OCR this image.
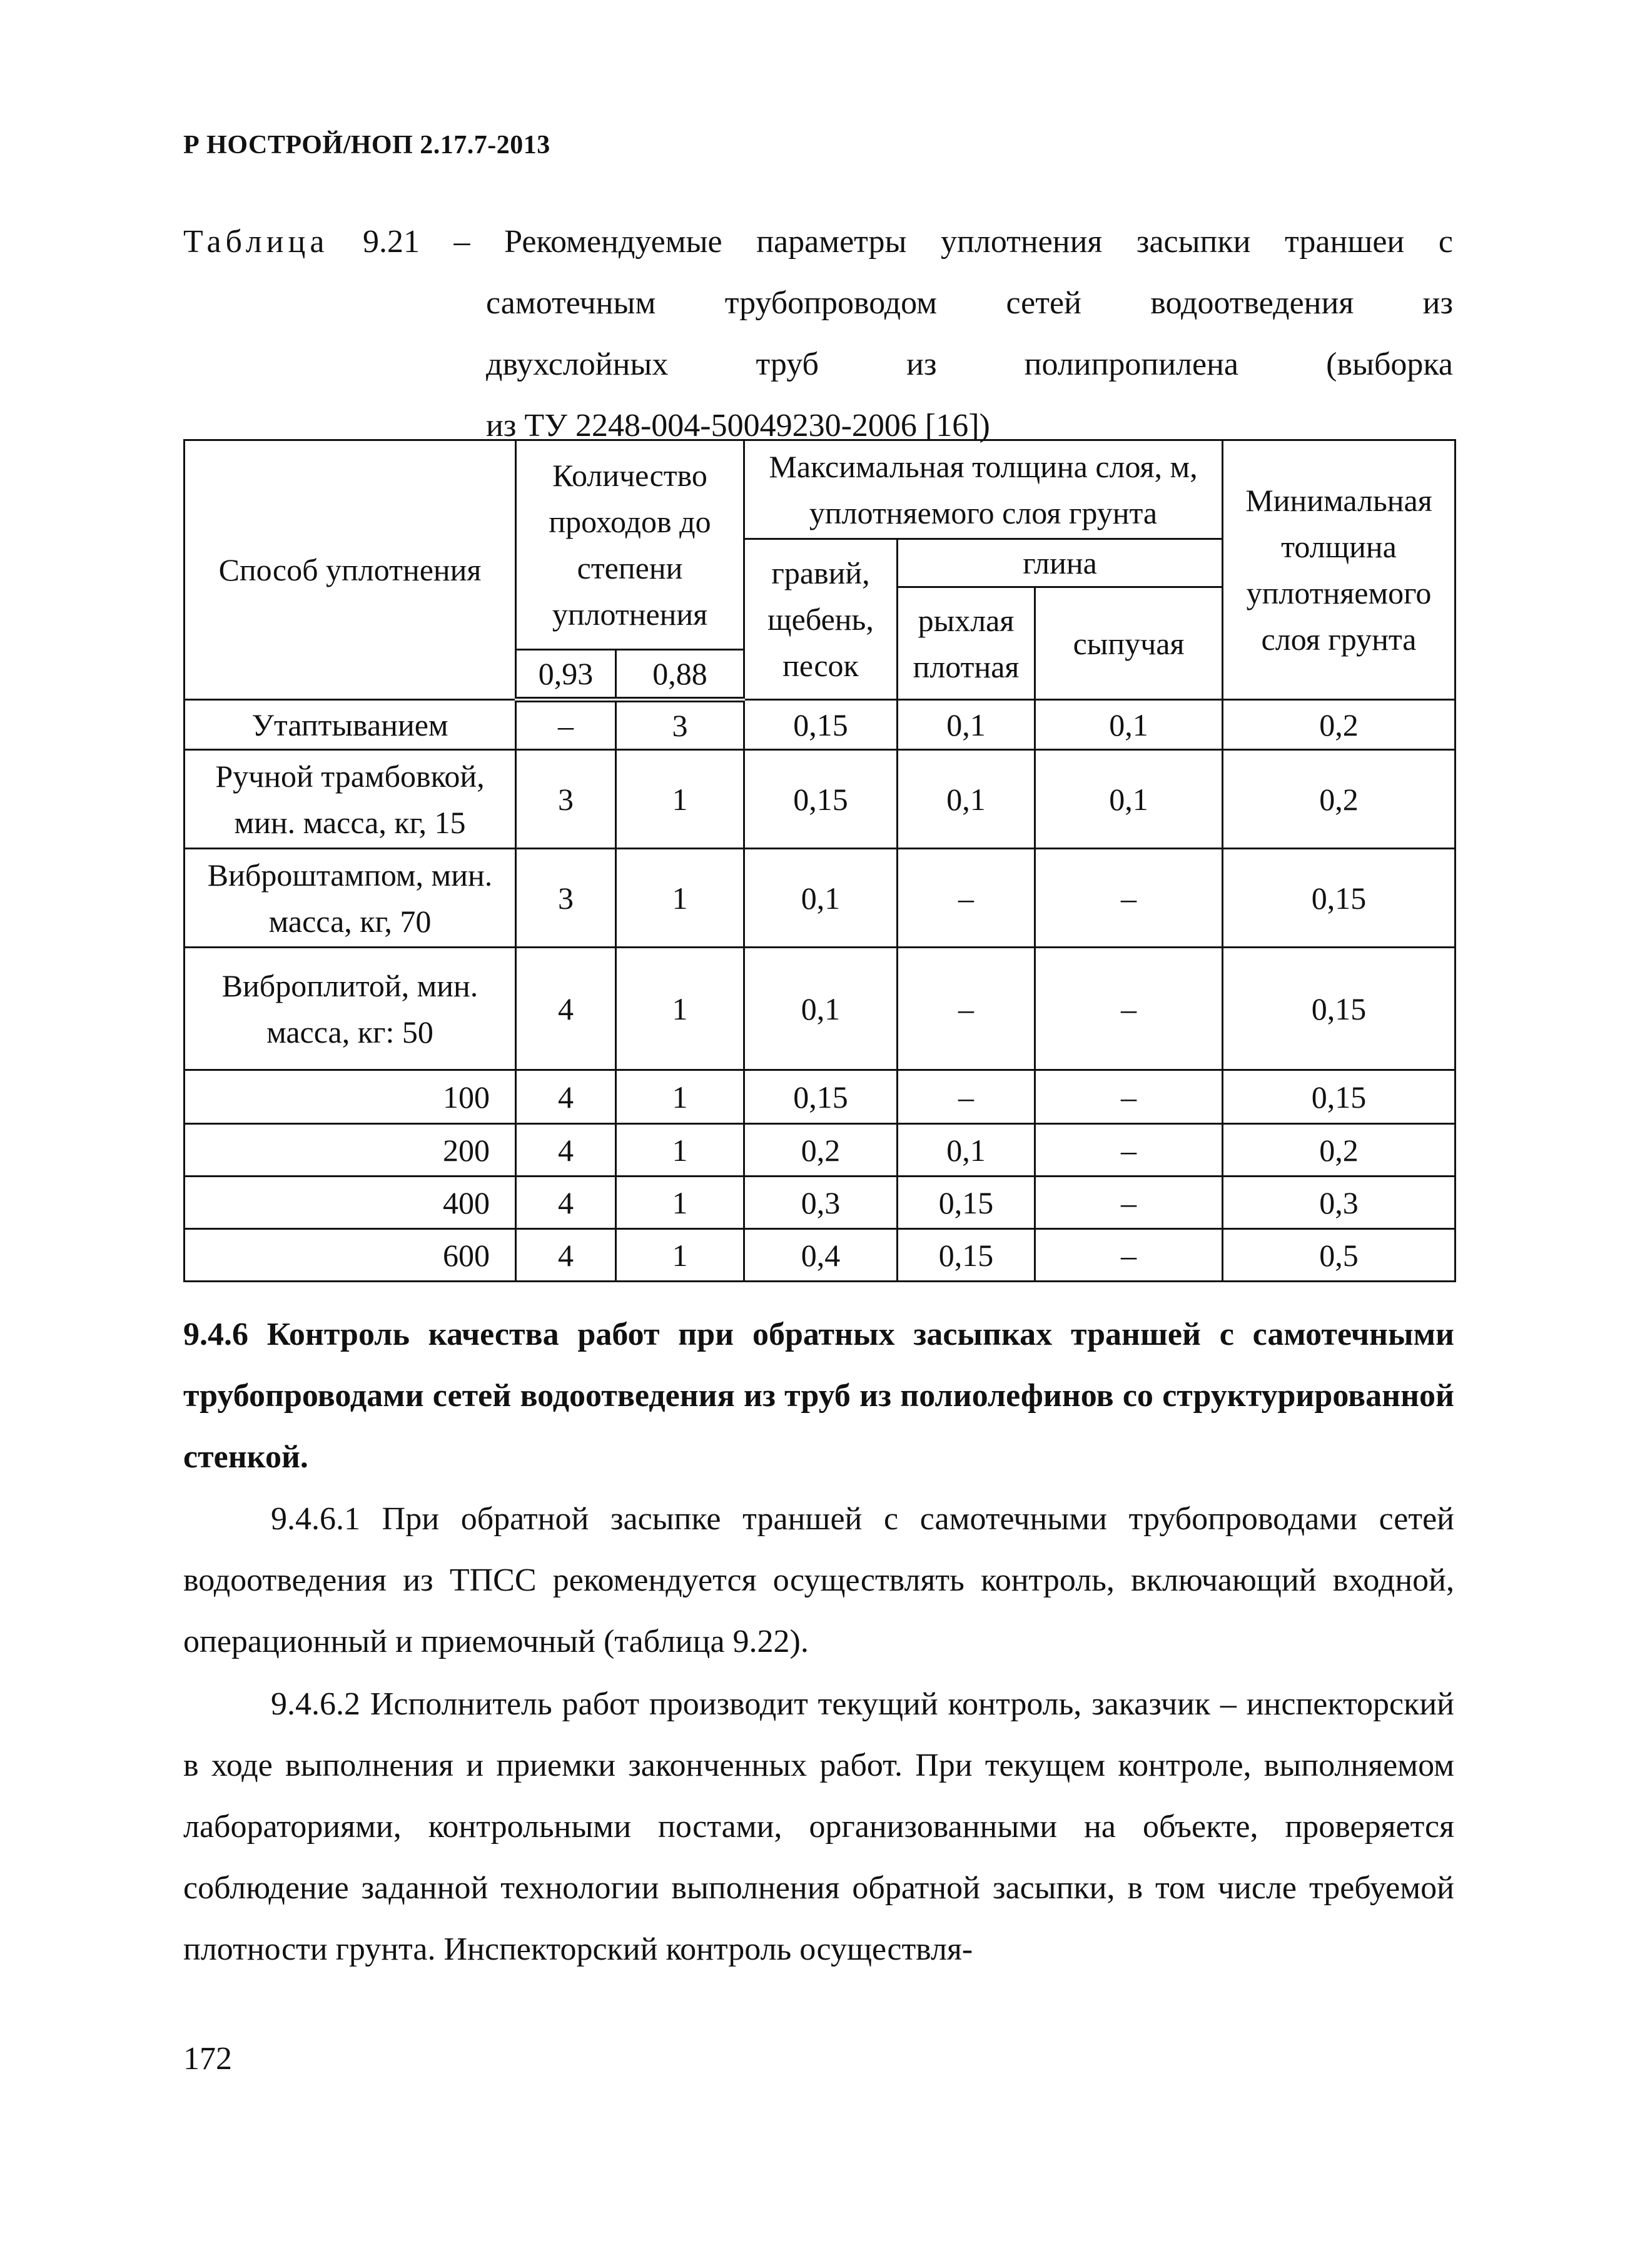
Р НОСТРОЙ/НОП 2.17.7-2013
Таблица 9.21 – Рекомендуемые параметры уплотнения засыпки траншеи с
самотечным трубопроводом сетей водоотведения из
двухслойных	труб	из	полипропилена	(выборка
из ТУ 2248-004-50049230-2006 [16])
Способ уплотнения	Количество проходов до степени уплотнения		Максимальная толщина слоя, м, уплотняемого слоя грунта			Минимальная толщина уплотняемого слоя грунта
			гравий, щебень, песок	глина		
				рыхлая плотная	сыпучая	
	0,93	0,88				
Утаптыванием	–	3	0,15	0,1	0,1	0,2
Ручной трамбовкой, мин. масса, кг, 15	3	1	0,15	0,1	0,1	0,2
Виброштампом, мин. масса, кг, 70	3	1	0,1	–	–	0,15
Виброплитой, мин. масса, кг: 50	4	1	0,1	–	–	0,15
100	4	1	0,15	–	–	0,15
200	4	1	0,2	0,1	–	0,2
400	4	1	0,3	0,15	–	0,3
600	4	1	0,4	0,15	–	0,5
9.4.6 Контроль качества работ при обратных засыпках траншей с самотечными трубопроводами сетей водоотведения из труб из полиолефинов со структурированной стенкой.
9.4.6.1 При обратной засыпке траншей с самотечными трубопроводами сетей водоотведения из ТПСС рекомендуется осуществлять контроль, включающий входной, операционный и приемочный (таблица 9.22).
9.4.6.2 Исполнитель работ производит текущий контроль, заказчик – инспекторский в ходе выполнения и приемки законченных работ. При текущем контроле, выполняемом лабораториями, контрольными постами, организованными на объекте, проверяется соблюдение заданной технологии выполнения обратной засыпки, в том числе требуемой плотности грунта. Инспекторский контроль осуществля-
172
